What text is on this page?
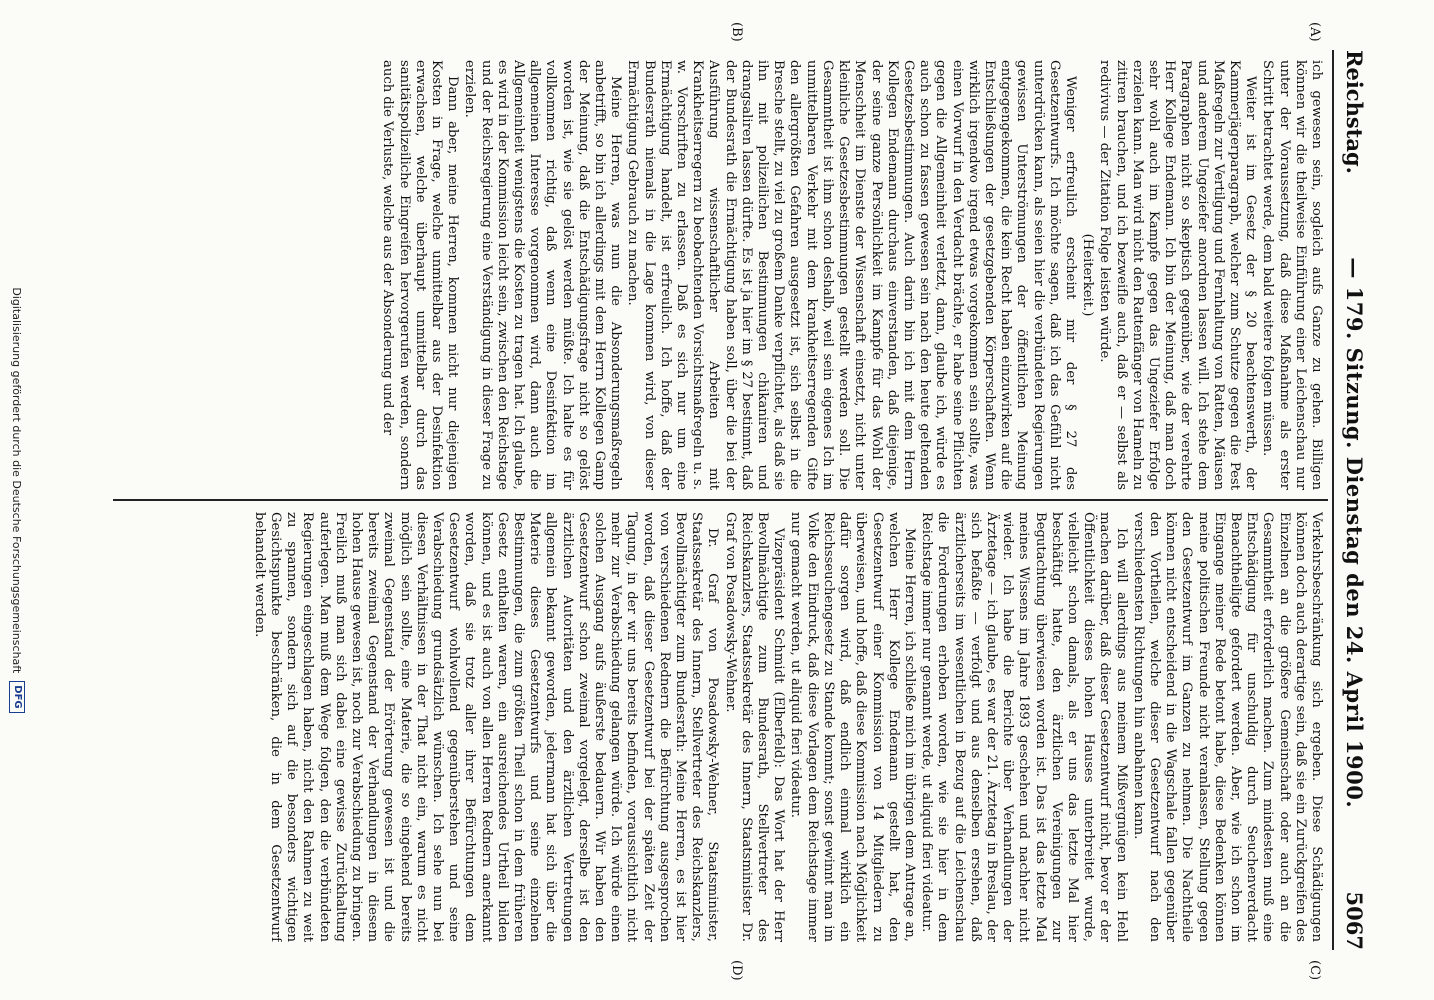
Reichstag.
— 179. Sitzung. Dienstag den 24. April 1900.
5067
(A)
(B)
(C)
(D)

ich gewesen sein, sogleich aufs Ganze zu gehen. Billigen können wir die theilweise Einführung einer Leichenschau nur unter der Voraussetzung, daß diese Maßnahme als erster Schritt betrachtet werde, dem bald weitere folgen müssen.

Weiter ist im Gesetz der § 20 beachtenswerth, der Kammerjägerparagraph, welcher zum Schutze gegen die Pest Maßregeln zur Vertilgung und Fernhaltung von Ratten, Mäusen und anderem Ungeziefer anordnen lassen will. Ich stehe dem Paragraphen nicht so skeptisch gegenüber, wie der verehrte Herr Kollege Endemann. Ich bin der Meinung, daß man doch sehr wohl auch im Kampfe gegen das Ungeziefer Erfolge erzielen kann. Man wird nicht den Rattenfänger von Hameln zu zitiren brauchen, und ich bezweifle auch, daß er — selbst als redivivus — der Zitation Folge leisten würde.

(Heiterkeit.)

Weniger erfreulich erscheint mir der § 27 des Gesetzentwurfs. Ich möchte sagen, daß ich das Gefühl nicht unterdrücken kann, als seien hier die verbündeten Regierungen gewissen Unterströmungen der öffentlichen Meinung entgegengekommen, die kein Recht haben einzuwirken auf die Entschließungen der gesetzgebenden Körperschaften. Wenn wirklich irgendwo irgend etwas vorgekommen sein sollte, was einen Vorwurf in den Verdacht brächte, er habe seine Pflichten gegen die Allgemeinheit verletzt, dann, glaube ich, würde es auch schon zu fassen gewesen sein nach den heute geltenden Gesetzesbestimmungen. Auch darin bin ich mit dem Herrn Kollegen Endemann durchaus einverstanden, daß diejenige, der seine ganze Persönlichkeit im Kampfe für das Wohl der Menschheit im Dienste der Wissenschaft einsetzt, nicht unter kleinliche Gesetzesbestimmungen gestellt werden soll. Die Gesammtheit ist ihm schon deshalb, weil sein eigenes Ich im unmittelbaren Verkehr mit dem krankheitserregenden Gifte den allergrößten Gefahren ausgesetzt ist, sich selbst in die Bresche stellt, zu viel zu großem Danke verpflichtet, als daß sie ihn mit polizeilichen Bestimmungen chikaniren und drangsaliren lassen dürfte. Es ist ja hier im § 27 bestimmt, daß der Bundesrath die Ermächtigung haben soll, über die bei der Ausführung wissenschaftlicher Arbeiten mit Krankheitserregern zu beobachtenden Vorsichtsmaßregeln u. s. w. Vorschriften zu erlassen. Daß es sich nur um eine Ermächtigung handelt, ist erfreulich. Ich hoffe, daß der Bundesrath niemals in die Lage kommen wird, von dieser Ermächtigung Gebrauch zu machen.

Meine Herren, was nun die Absonderungsmaßregeln anbetrifft, so bin ich allerdings mit dem Herrn Kollegen Gamp der Meinung, daß die Entschädigungsfrage nicht so gelöst worden ist, wie sie gelöst werden müßte. Ich halte es für vollkommen richtig, daß wenn eine Desinfektion im allgemeinen Interesse vorgenommen wird, dann auch die Allgemeinheit wenigstens die Kosten zu tragen hat. Ich glaube, es wird in der Kommission leicht sein, zwischen den Reichstage und der Reichsregierung eine Verständigung in dieser Frage zu erzielen.

Dann aber, meine Herren, kommen nicht nur diejenigen Kosten in Frage, welche unmittelbar aus der Desinfektion erwachsen, welche überhaupt unmittelbar durch das sanitätspolizeiliche Eingreifen hervorgerufen werden, sondern auch die Verluste, welche aus der Absonderung und der

Verkehrsbeschränkung sich ergeben. Diese Schädigungen können doch auch derartige sein, daß sie ein Zurückgreifen des Einzelnen an die größere Gemeinschaft oder auch an die Gesammtheit erforderlich machen. Zum mindesten muß eine Entschädigung für unschuldig durch Seuchenverdacht Benachtheiligte gefordert werden. Aber, wie ich schon im Eingange meiner Rede betont habe, diese Bedenken können meine politischen Freunde nicht veranlassen, Stellung gegen den Gesetzentwurf im Ganzen zu nehmen. Die Nachtheile können nicht entscheidend in die Wagschale fallen gegenüber den Vortheilen, welche dieser Gesetzentwurf nach den verschiedensten Richtungen hin anbahnen kann.

Ich will allerdings aus meinem Mißvergnügen kein Hehl machen darüber, daß dieser Gesetzentwurf nicht, bevor er der Öffentlichkeit dieses hohen Hauses unterbreitet wurde, vielleicht schon damals, als er uns das letzte Mal hier beschäftigt hatte, den ärztlichen Vereinigungen zur Begutachtung überwiesen worden ist. Das ist das letzte Mal meines Wissens im Jahre 1893 geschehen und nachher nicht wieder. Ich habe die Berichte über Verhandlungen der Ärztetage — ich glaube, es war der 21. Ärztetag in Breslau, der sich befaßte — verfolgt und aus denselben ersehen, daß ärztlicherseits im wesentlichen in Bezug auf die Leichenschau die Forderungen erhoben worden, wie sie hier in dem Reichstage immer nur genannt werde, ut aliquid fieri videatur.

Meine Herren, ich schließe mich im übrigen dem Antrage an, welchen Herr Kollege Endemann gestellt hat, den Gesetzentwurf einer Kommission von 14 Mitgliedern zu überweisen, und hoffe, daß diese Kommission nach Möglichkeit dafür sorgen wird, daß endlich einmal wirklich ein Reichsseuchengesetz zu Stande kommt; sonst gewinnt man im Volke den Eindruck, daß diese Vorlagen dem Reichstage immer nur gemacht werden, ut aliquid fieri videatur.

Vizepräsident Schmidt (Elberfeld): Das Wort hat der Herr Bevollmächtigte zum Bundesrath, Stellvertreter des Reichskanzlers, Staatssekretär des Innern, Staatsminister Dr. Graf von Posadowsky-Wehner.

Dr. Graf von Posadowsky-Wehner, Staatsminister, Staatssekretär des Innern, Stellvertreter des Reichskanzlers, Bevollmächtigter zum Bundesrath: Meine Herren, es ist hier von verschiedenen Rednern die Befürchtung ausgesprochen worden, daß dieser Gesetzentwurf bei der späten Zeit der Tagung, in der wir uns bereits befinden, voraussichtlich nicht mehr zur Verabschiedung gelangen würde. Ich würde einen solchen Ausgang aufs äußerste bedauern. Wir haben den Gesetzentwurf schon zweimal vorgelegt, derselbe ist den ärztlichen Autoritäten und den ärztlichen Vertretungen allgemein bekannt geworden, jedermann hat sich über die Materie dieses Gesetzentwurfs und seine einzelnen Bestimmungen, die zum größten Theil schon in dem früheren Gesetz enthalten waren, ein ausreichendes Urtheil bilden können, und es ist auch von allen Herren Rednern anerkannt worden, daß sie trotz aller ihrer Befürchtungen dem Gesetzentwurf wohlwollend gegenüberstehen und seine Verabschiedung grundsätzlich wünschen. Ich sehe nun bei diesen Verhältnissen in der That nicht ein, warum es nicht möglich sein sollte, eine Materie, die so eingehend bereits zweimal Gegenstand der Erörterung gewesen ist und die bereits zweimal Gegenstand der Verhandlungen in diesem hohen Hause gewesen ist, noch zur Verabschiedung zu bringen. Freilich muß man sich dabei eine gewisse Zurückhaltung auferlegen. Man muß dem Wege folgen, den die verbündeten Regierungen eingeschlagen haben, nicht den Rahmen zu weit zu spannen, sondern sich auf die besonders wichtigen Gesichtspunkte beschränken, die in dem Gesetzentwurf behandelt werden.

Digitalisierung gefördert durch die Deutsche Forschungsgemeinschaft
DFG
